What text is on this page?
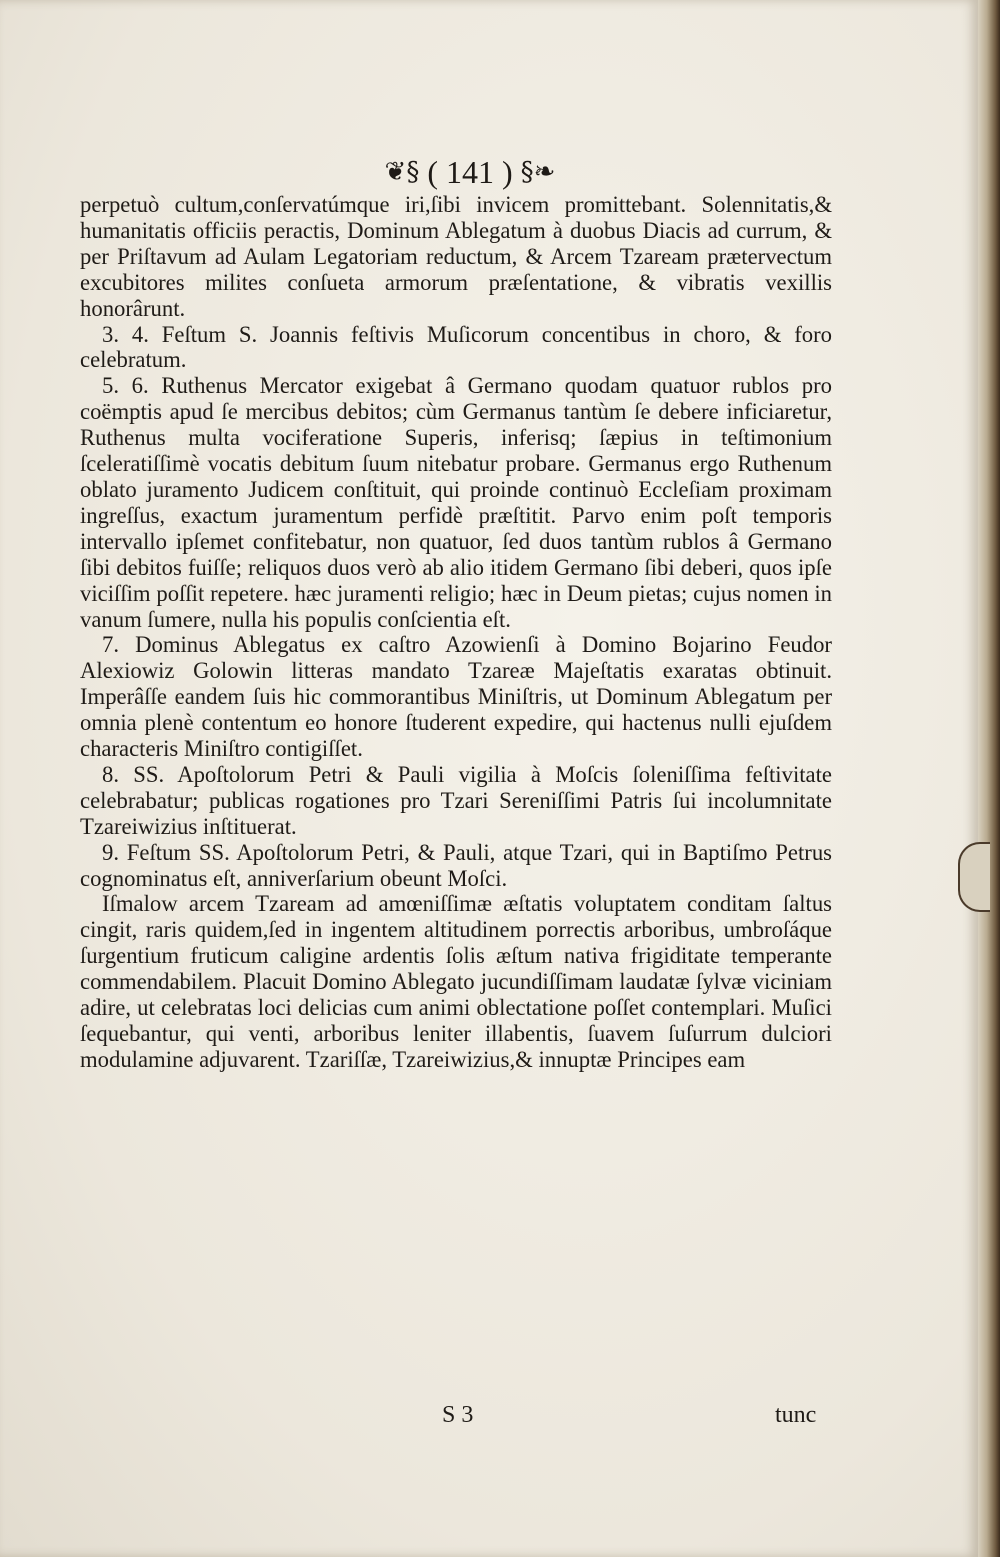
❦§ ( 141 ) §❧

perpetuò cultum,conſervatúmque iri,ſibi invicem promittebant. Solennitatis,& humanitatis officiis peractis, Dominum Ablegatum à duobus Diacis ad currum, & per Priſtavum ad Aulam Legatoriam reductum, & Arcem Tzaream prætervectum excubitores milites conſueta armorum præſentatione, & vibratis vexillis honorârunt.

3. 4. Feſtum S. Joannis feſtivis Muſicorum concentibus in choro, & foro celebratum.

5. 6. Ruthenus Mercator exigebat â Germano quodam quatuor rublos pro coëmptis apud ſe mercibus debitos; cùm Germanus tantùm ſe debere inficiaretur, Ruthenus multa vociferatione Superis, inferisq; ſæpius in teſtimonium ſceleratiſſimè vocatis debitum ſuum nitebatur probare. Germanus ergo Ruthenum oblato juramento Judicem conſtituit, qui proinde continuò Eccleſiam proximam ingreſſus, exactum juramentum perfidè præſtitit. Parvo enim poſt temporis intervallo ipſemet confitebatur, non quatuor, ſed duos tantùm rublos â Germano ſibi debitos fuiſſe; reliquos duos verò ab alio itidem Germano ſibi deberi, quos ipſe viciſſim poſſit repetere. hæc juramenti religio; hæc in Deum pietas; cujus nomen in vanum ſumere, nulla his populis conſcientia eſt.

7. Dominus Ablegatus ex caſtro Azowienſi à Domino Bojarino Feudor Alexiowiz Golowin litteras mandato Tzareæ Majeſtatis exaratas obtinuit. Imperâſſe eandem ſuis hic commorantibus Miniſtris, ut Dominum Ablegatum per omnia plenè contentum eo honore ſtuderent expedire, qui hactenus nulli ejuſdem characteris Miniſtro contigiſſet.

8. SS. Apoſtolorum Petri & Pauli vigilia à Moſcis ſoleniſſima feſtivitate celebrabatur; publicas rogationes pro Tzari Sereniſſimi Patris ſui incolumnitate Tzareiwizius inſtituerat.

9. Feſtum SS. Apoſtolorum Petri, & Pauli, atque Tzari, qui in Baptiſmo Petrus cognominatus eſt, anniverſarium obeunt Moſci.

Iſmalow arcem Tzaream ad amœniſſimæ æſtatis voluptatem conditam ſaltus cingit, raris quidem,ſed in ingentem altitudinem porrectis arboribus, umbroſáque ſurgentium fruticum caligine ardentis ſolis æſtum nativa frigiditate temperante commendabilem. Placuit Domino Ablegato jucundiſſimam laudatæ ſylvæ viciniam adire, ut celebratas loci delicias cum animi oblectatione poſſet contemplari. Muſici ſequebantur, qui venti, arboribus leniter illabentis, ſuavem ſuſurrum dulciori modulamine adjuvarent. Tzariſſæ, Tzareiwizius,& innuptæ Principes eam

S 3	tunc
